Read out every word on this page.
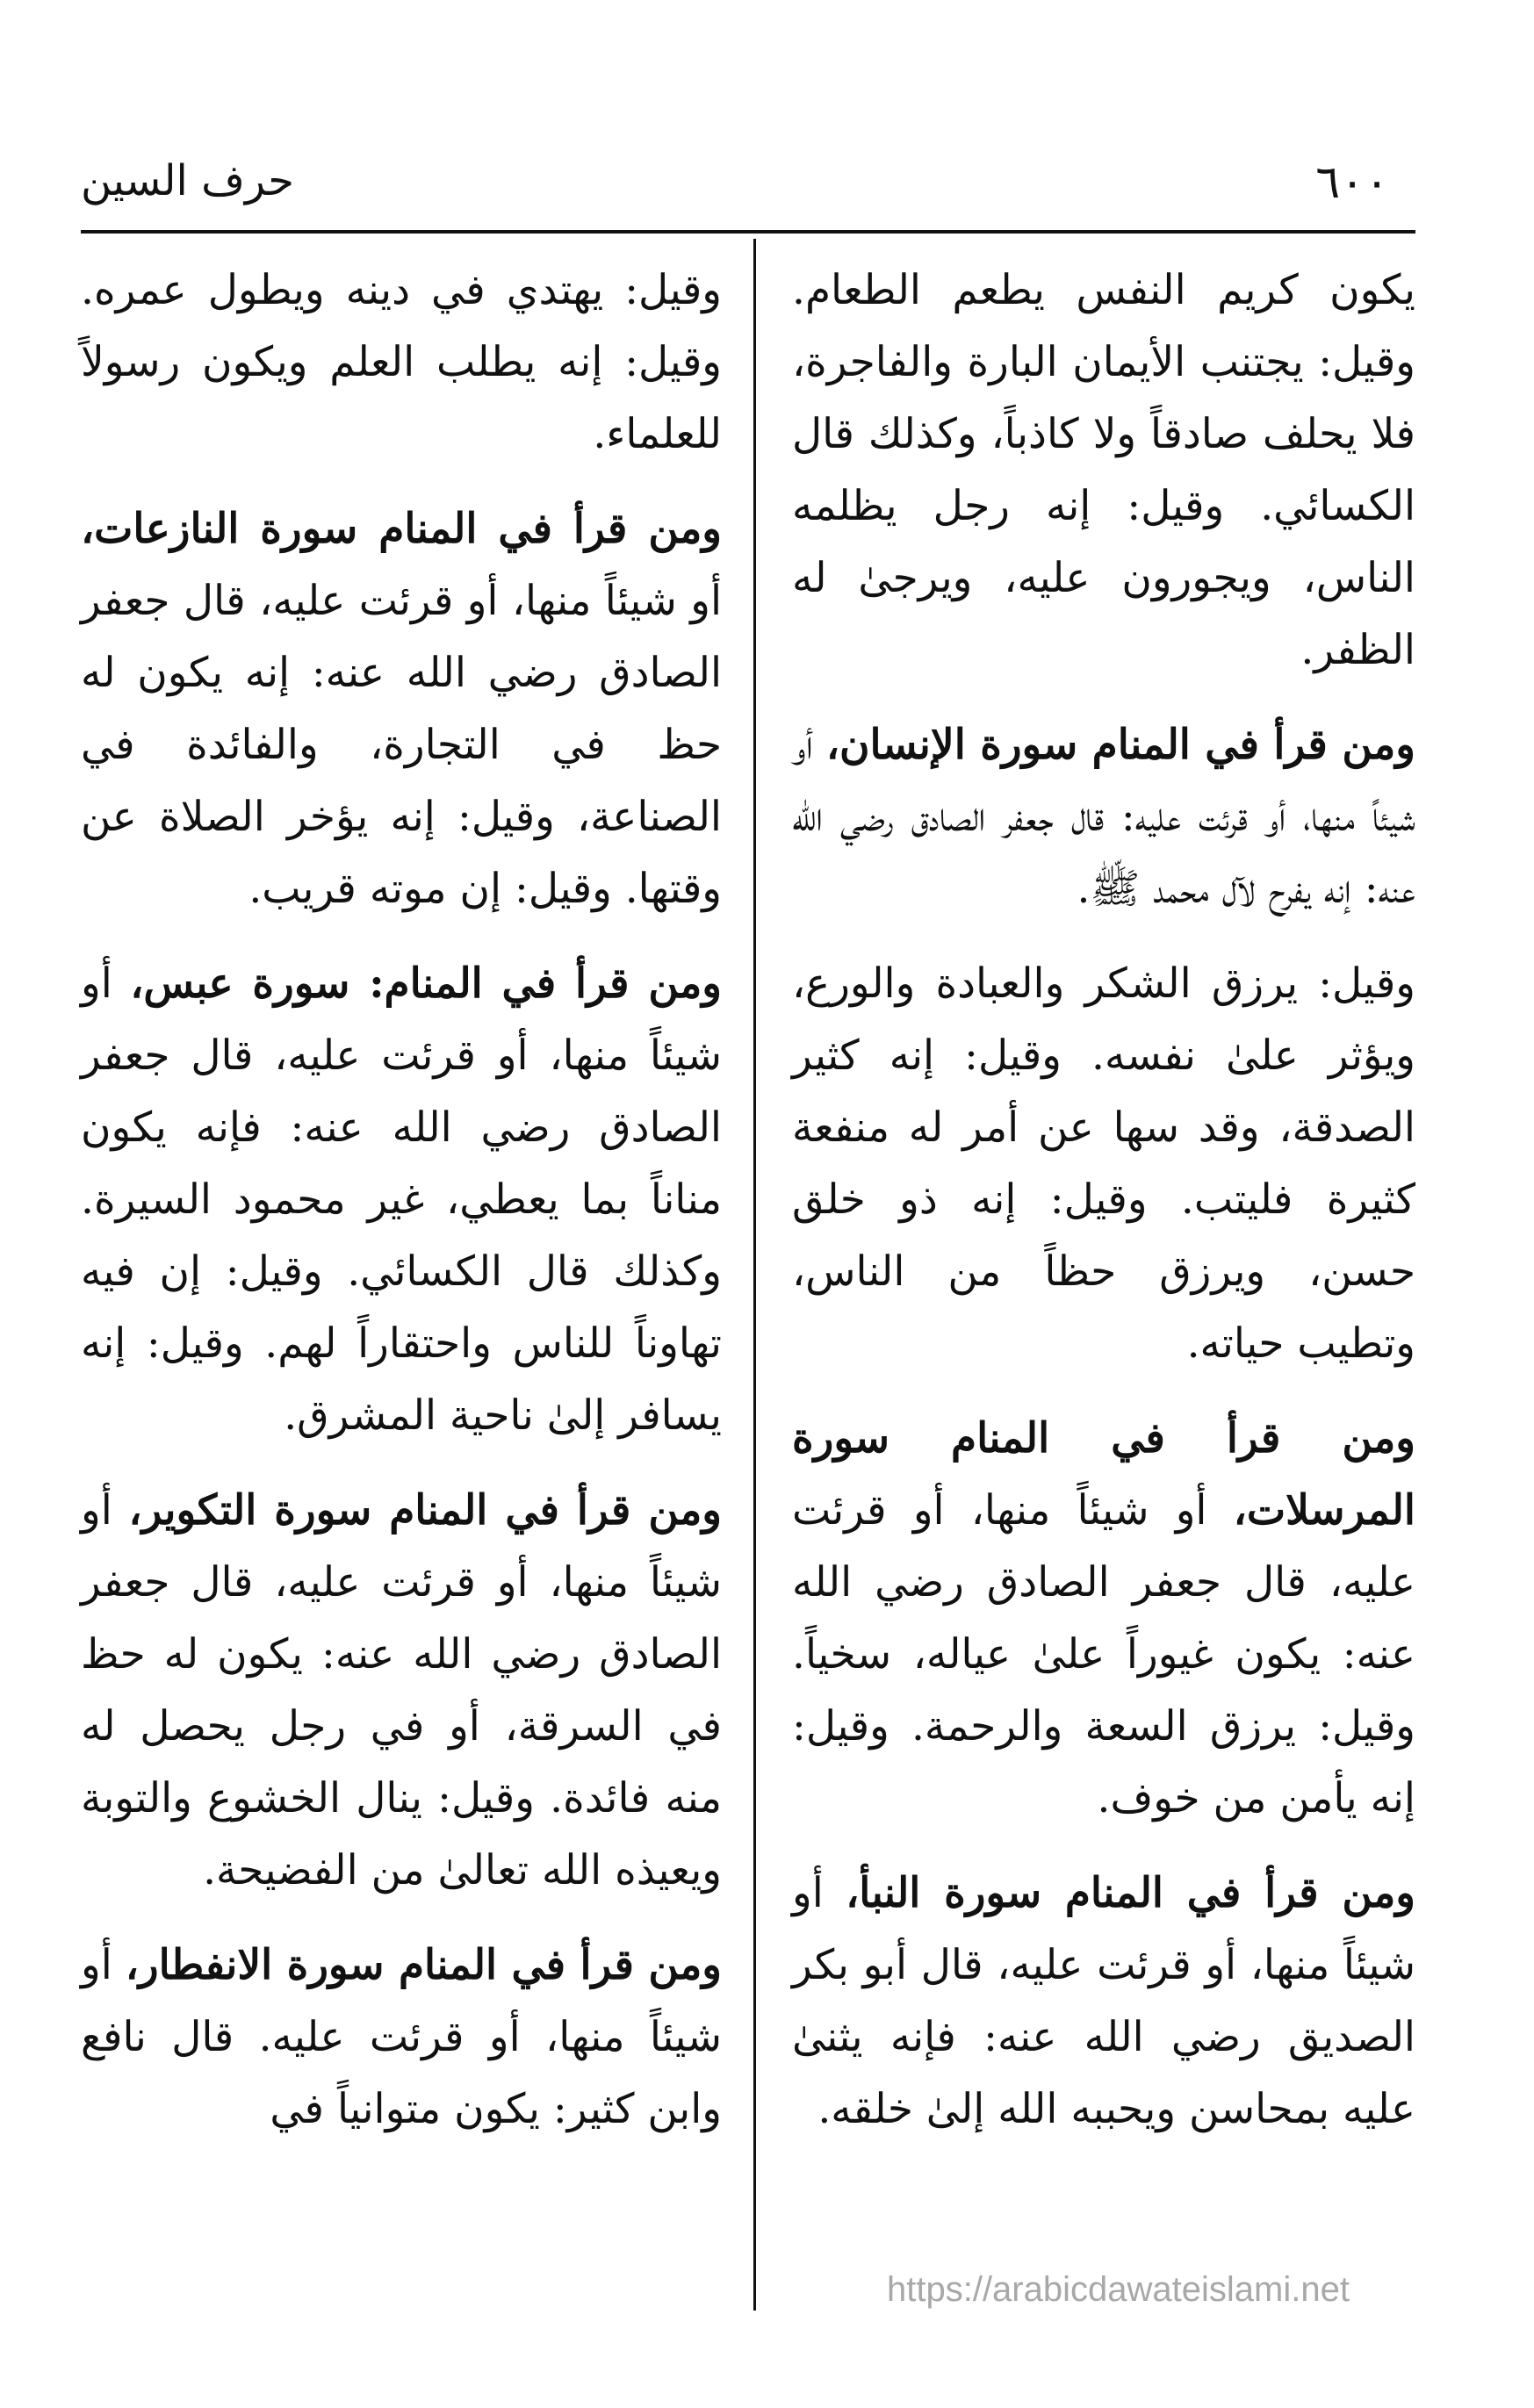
٦٠٠
حرف السين

يكون كريم النفس يطعم الطعام. وقيل: يجتنب الأيمان البارة والفاجرة، فلا يحلف صادقاً ولا كاذباً، وكذلك قال الكسائي. وقيل: إنه رجل يظلمه الناس، ويجورون عليه، ويرجىٰ له الظفر.

ومن قرأ في المنام سورة الإنسان، أو شيئاً منها، أو قرئت عليه: قال جعفر الصادق رضي الله عنه: إنه يفرح لآل محمد ﷺ.

وقيل: يرزق الشكر والعبادة والورع، ويؤثر علىٰ نفسه. وقيل: إنه كثير الصدقة، وقد سها عن أمر له منفعة كثيرة فليتب. وقيل: إنه ذو خلق حسن، ويرزق حظاً من الناس، وتطيب حياته.

ومن قرأ في المنام سورة المرسلات، أو شيئاً منها، أو قرئت عليه، قال جعفر الصادق رضي الله عنه: يكون غيوراً علىٰ عياله، سخياً. وقيل: يرزق السعة والرحمة. وقيل: إنه يأمن من خوف.

ومن قرأ في المنام سورة النبأ، أو شيئاً منها، أو قرئت عليه، قال أبو بكر الصديق رضي الله عنه: فإنه يثنىٰ عليه بمحاسن ويحببه الله إلىٰ خلقه.

وقيل: يهتدي في دينه ويطول عمره. وقيل: إنه يطلب العلم ويكون رسولاً للعلماء.

ومن قرأ في المنام سورة النازعات، أو شيئاً منها، أو قرئت عليه، قال جعفر الصادق رضي الله عنه: إنه يكون له حظ في التجارة، والفائدة في الصناعة، وقيل: إنه يؤخر الصلاة عن وقتها. وقيل: إن موته قريب.

ومن قرأ في المنام: سورة عبس، أو شيئاً منها، أو قرئت عليه، قال جعفر الصادق رضي الله عنه: فإنه يكون مناناً بما يعطي، غير محمود السيرة. وكذلك قال الكسائي. وقيل: إن فيه تهاوناً للناس واحتقاراً لهم. وقيل: إنه يسافر إلىٰ ناحية المشرق.

ومن قرأ في المنام سورة التكوير، أو شيئاً منها، أو قرئت عليه، قال جعفر الصادق رضي الله عنه: يكون له حظ في السرقة، أو في رجل يحصل له منه فائدة. وقيل: ينال الخشوع والتوبة ويعيذه الله تعالىٰ من الفضيحة.

ومن قرأ في المنام سورة الانفطار، أو شيئاً منها، أو قرئت عليه. قال نافع وابن كثير: يكون متوانياً في

https://arabicdawateislami.net
